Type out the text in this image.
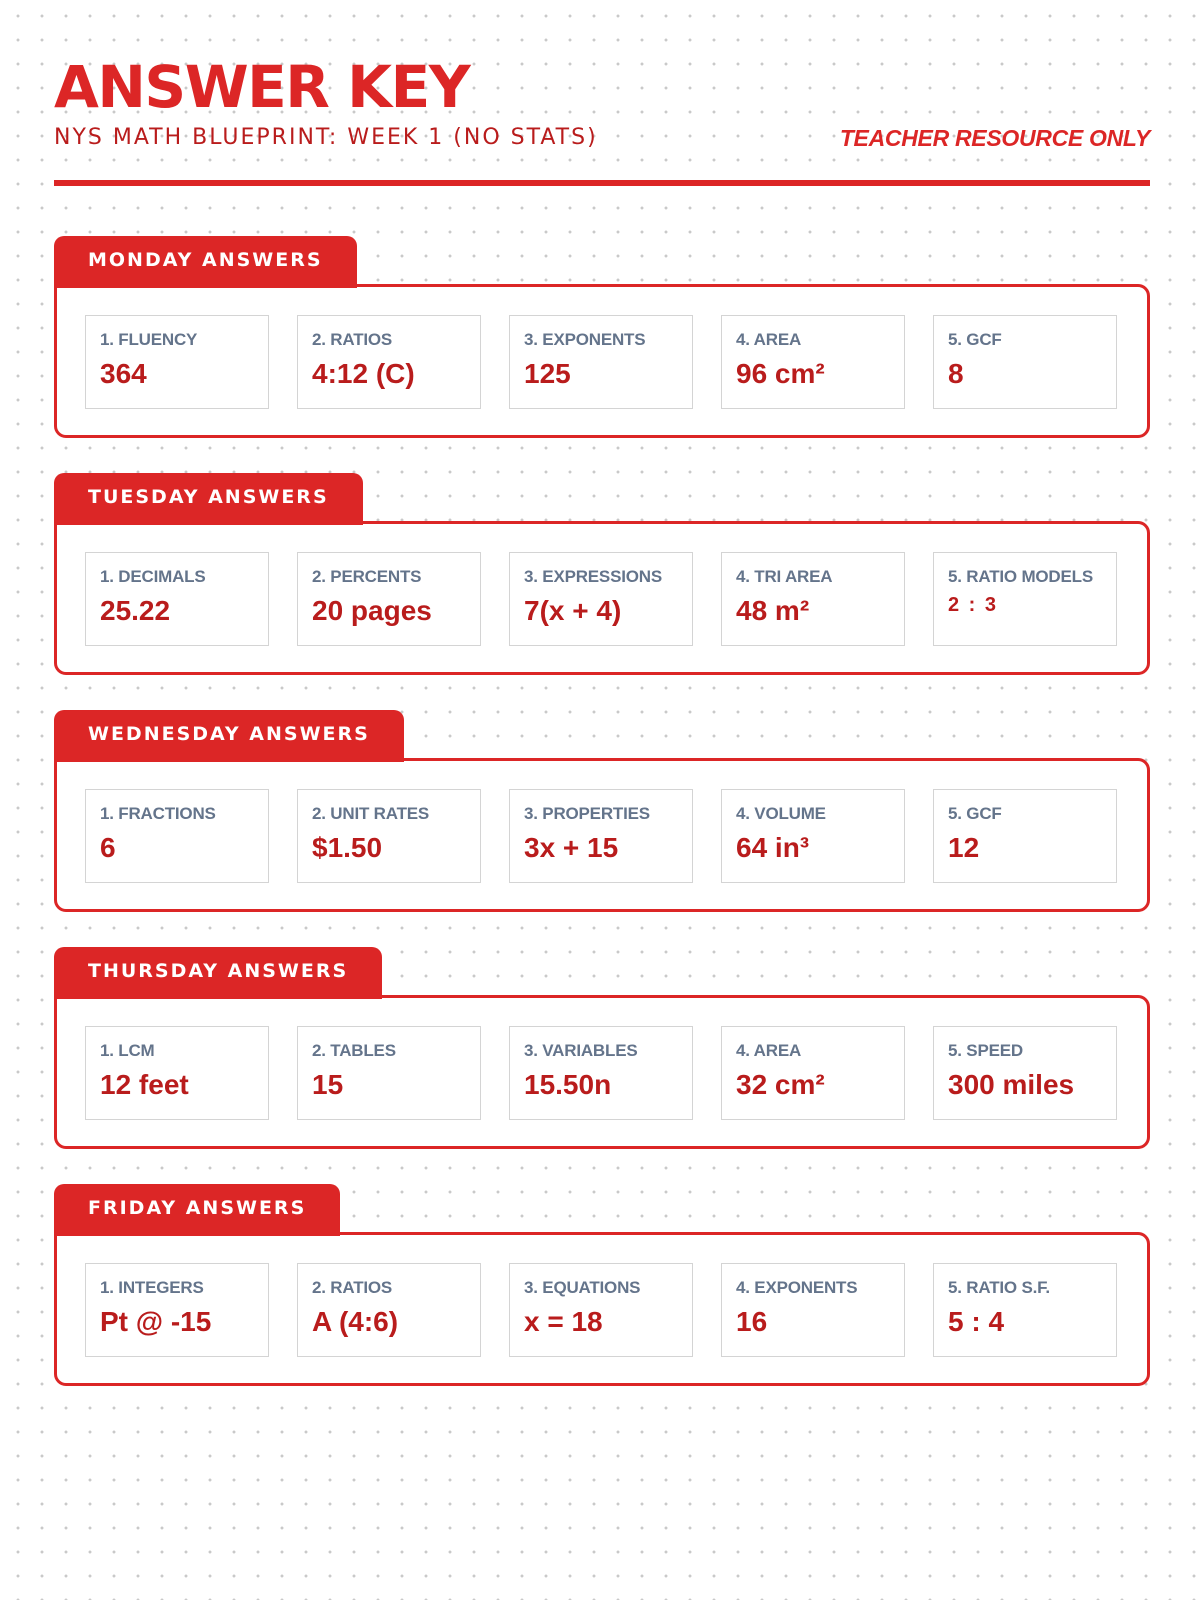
ANSWER KEY
NYS MATH BLUEPRINT: WEEK 1 (NO STATS)	TEACHER RESOURCE ONLY
MONDAY ANSWERS
1. FLUENCY
364
2. RATIOS
4:12 (C)
3. EXPONENTS
125
4. AREA
96 cm²
5. GCF
8
TUESDAY ANSWERS
1. DECIMALS
25.22
2. PERCENTS
20 pages
3. EXPRESSIONS
7(x + 4)
4. TRI AREA
48 m²
5. RATIO MODELS
2 : 3
WEDNESDAY ANSWERS
1. FRACTIONS
6
2. UNIT RATES
$1.50
3. PROPERTIES
3x + 15
4. VOLUME
64 in³
5. GCF
12
THURSDAY ANSWERS
1. LCM
12 feet
2. TABLES
15
3. VARIABLES
15.50n
4. AREA
32 cm²
5. SPEED
300 miles
FRIDAY ANSWERS
1. INTEGERS
Pt @ -15
2. RATIOS
A (4:6)
3. EQUATIONS
x = 18
4. EXPONENTS
16
5. RATIO S.F.
5 : 4
